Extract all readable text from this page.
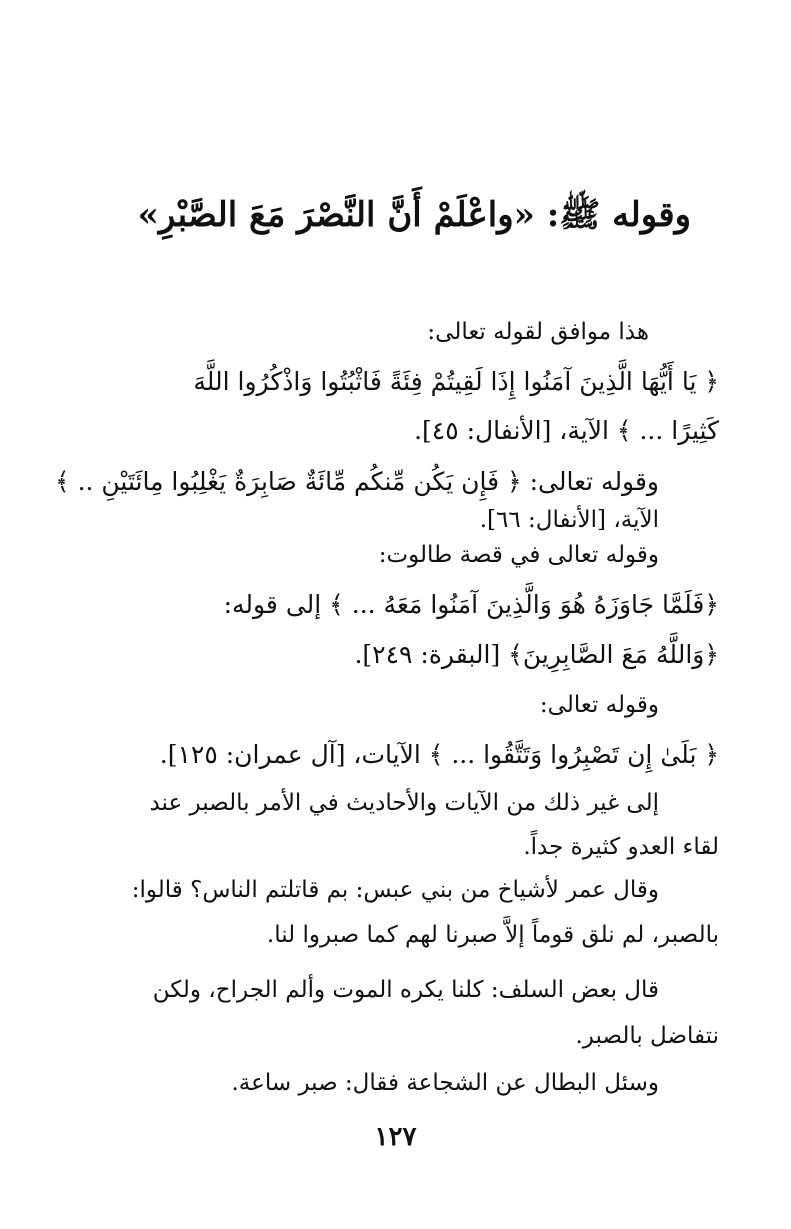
وقوله ﷺ: «واعْلَمْ أَنَّ النَّصْرَ مَعَ الصَّبْرِ»
هذا موافق لقوله تعالى:
﴿ يَا أَيُّهَا الَّذِينَ آمَنُوا إِذَا لَقِيتُمْ فِئَةً فَاثْبُتُوا وَاذْكُرُوا اللَّهَ
كَثِيرًا ... ﴾ الآية، [الأنفال: ٤٥].
وقوله تعالى: ﴿ فَإِن يَكُن مِّنكُم مِّائَةٌ صَابِرَةٌ يَغْلِبُوا مِائَتَيْنِ .. ﴾
الآية، [الأنفال: ٦٦].
وقوله تعالى في قصة طالوت:
﴿فَلَمَّا جَاوَزَهُ هُوَ وَالَّذِينَ آمَنُوا مَعَهُ ... ﴾ إلى قوله:
﴿وَاللَّهُ مَعَ الصَّابِرِينَ﴾ [البقرة: ٢٤٩].
وقوله تعالى:
﴿ بَلَىٰ إِن تَصْبِرُوا وَتَتَّقُوا ... ﴾ الآيات، [آل عمران: ١٢٥].
إلى غير ذلك من الآيات والأحاديث في الأمر بالصبر عند
لقاء العدو كثيرة جداً.
وقال عمر لأشياخ من بني عبس: بم قاتلتم الناس؟ قالوا:
بالصبر، لم نلق قوماً إلاَّ صبرنا لهم كما صبروا لنا.
قال بعض السلف: كلنا يكره الموت وألم الجراح، ولكن
نتفاضل بالصبر.
وسئل البطال عن الشجاعة فقال: صبر ساعة.
١٢٧
